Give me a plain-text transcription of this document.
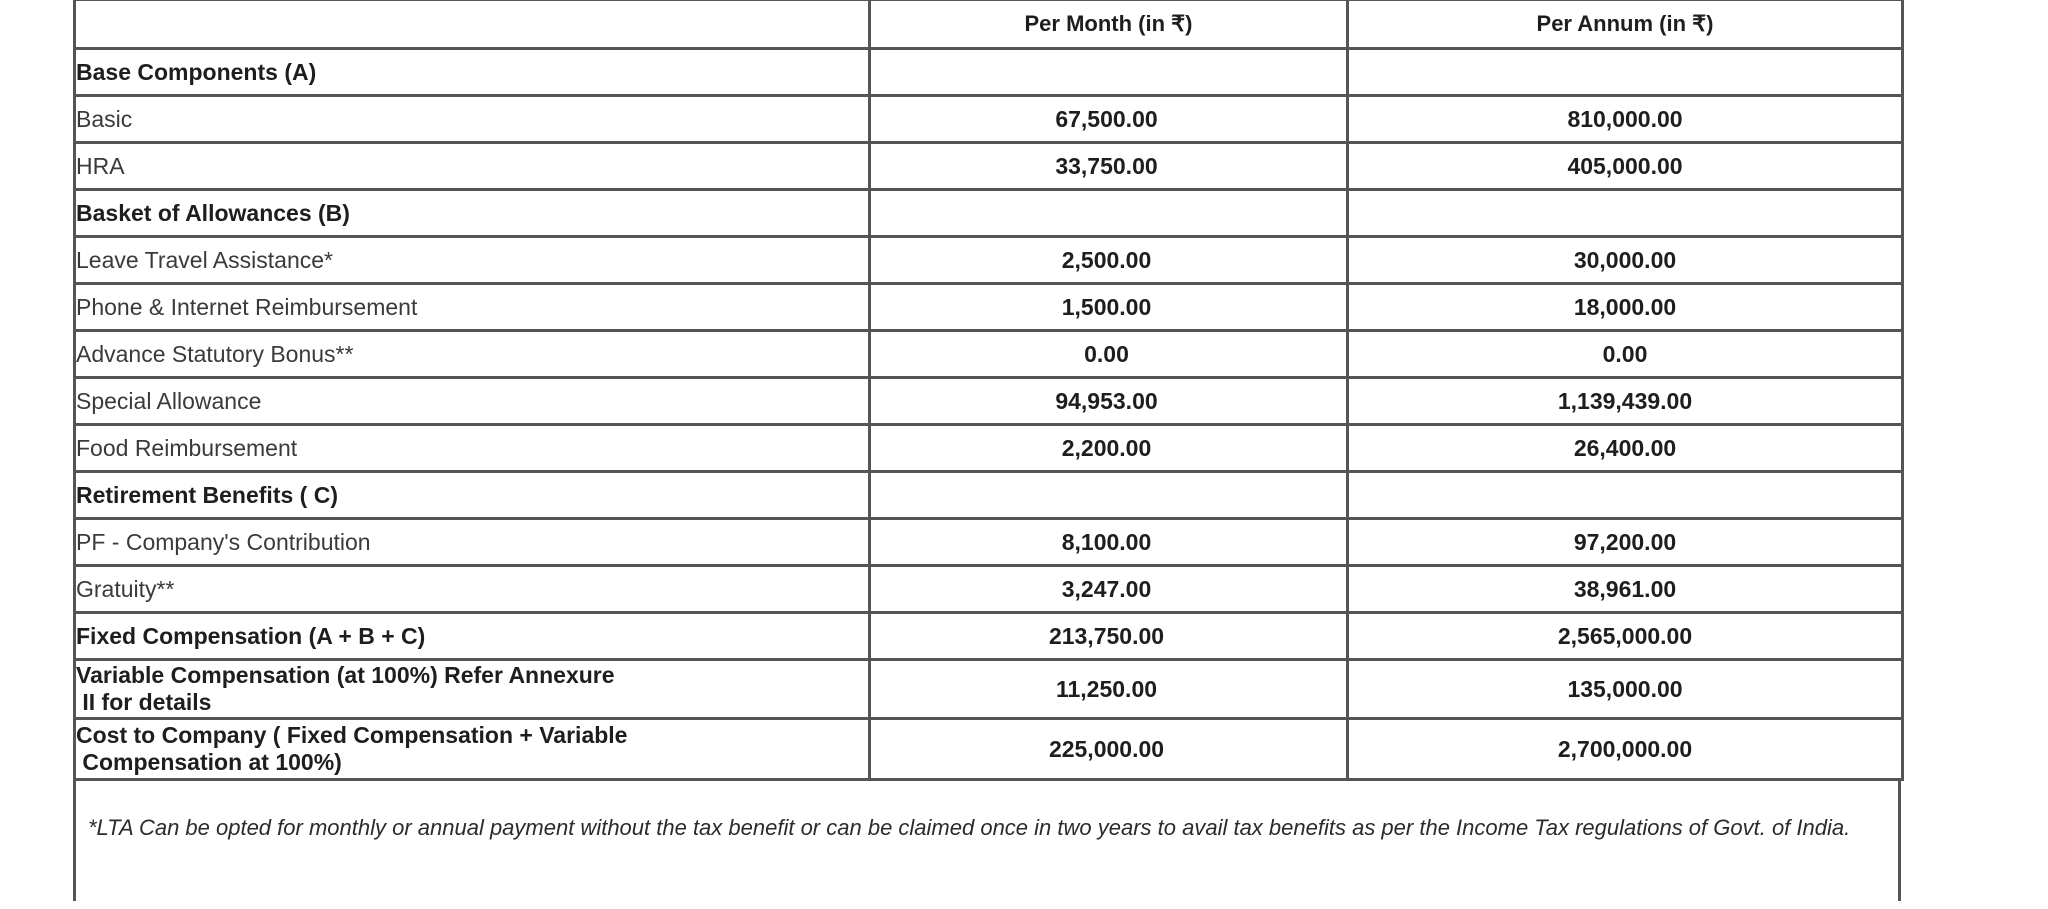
	Per Month (in ₹)	Per Annum (in ₹)
Base Components (A)		
Basic	67,500.00	810,000.00
HRA	33,750.00	405,000.00
Basket of Allowances (B)		
Leave Travel Assistance*	2,500.00	30,000.00
Phone & Internet Reimbursement	1,500.00	18,000.00
Advance Statutory Bonus**	0.00	0.00
Special Allowance	94,953.00	1,139,439.00
Food Reimbursement	2,200.00	26,400.00
Retirement Benefits ( C)		
PF - Company's Contribution	8,100.00	97,200.00
Gratuity**	3,247.00	38,961.00
Fixed Compensation (A + B + C)	213,750.00	2,565,000.00

Variable Compensation (at 100%) Refer Annexure
II for details	11,250.00	135,000.00

Cost to Company ( Fixed Compensation + Variable
Compensation at 100%)	225,000.00	2,700,000.00

*LTA Can be opted for monthly or annual payment without the tax benefit or can be claimed once in two years to avail tax benefits as per the Income Tax regulations of Govt. of India.
